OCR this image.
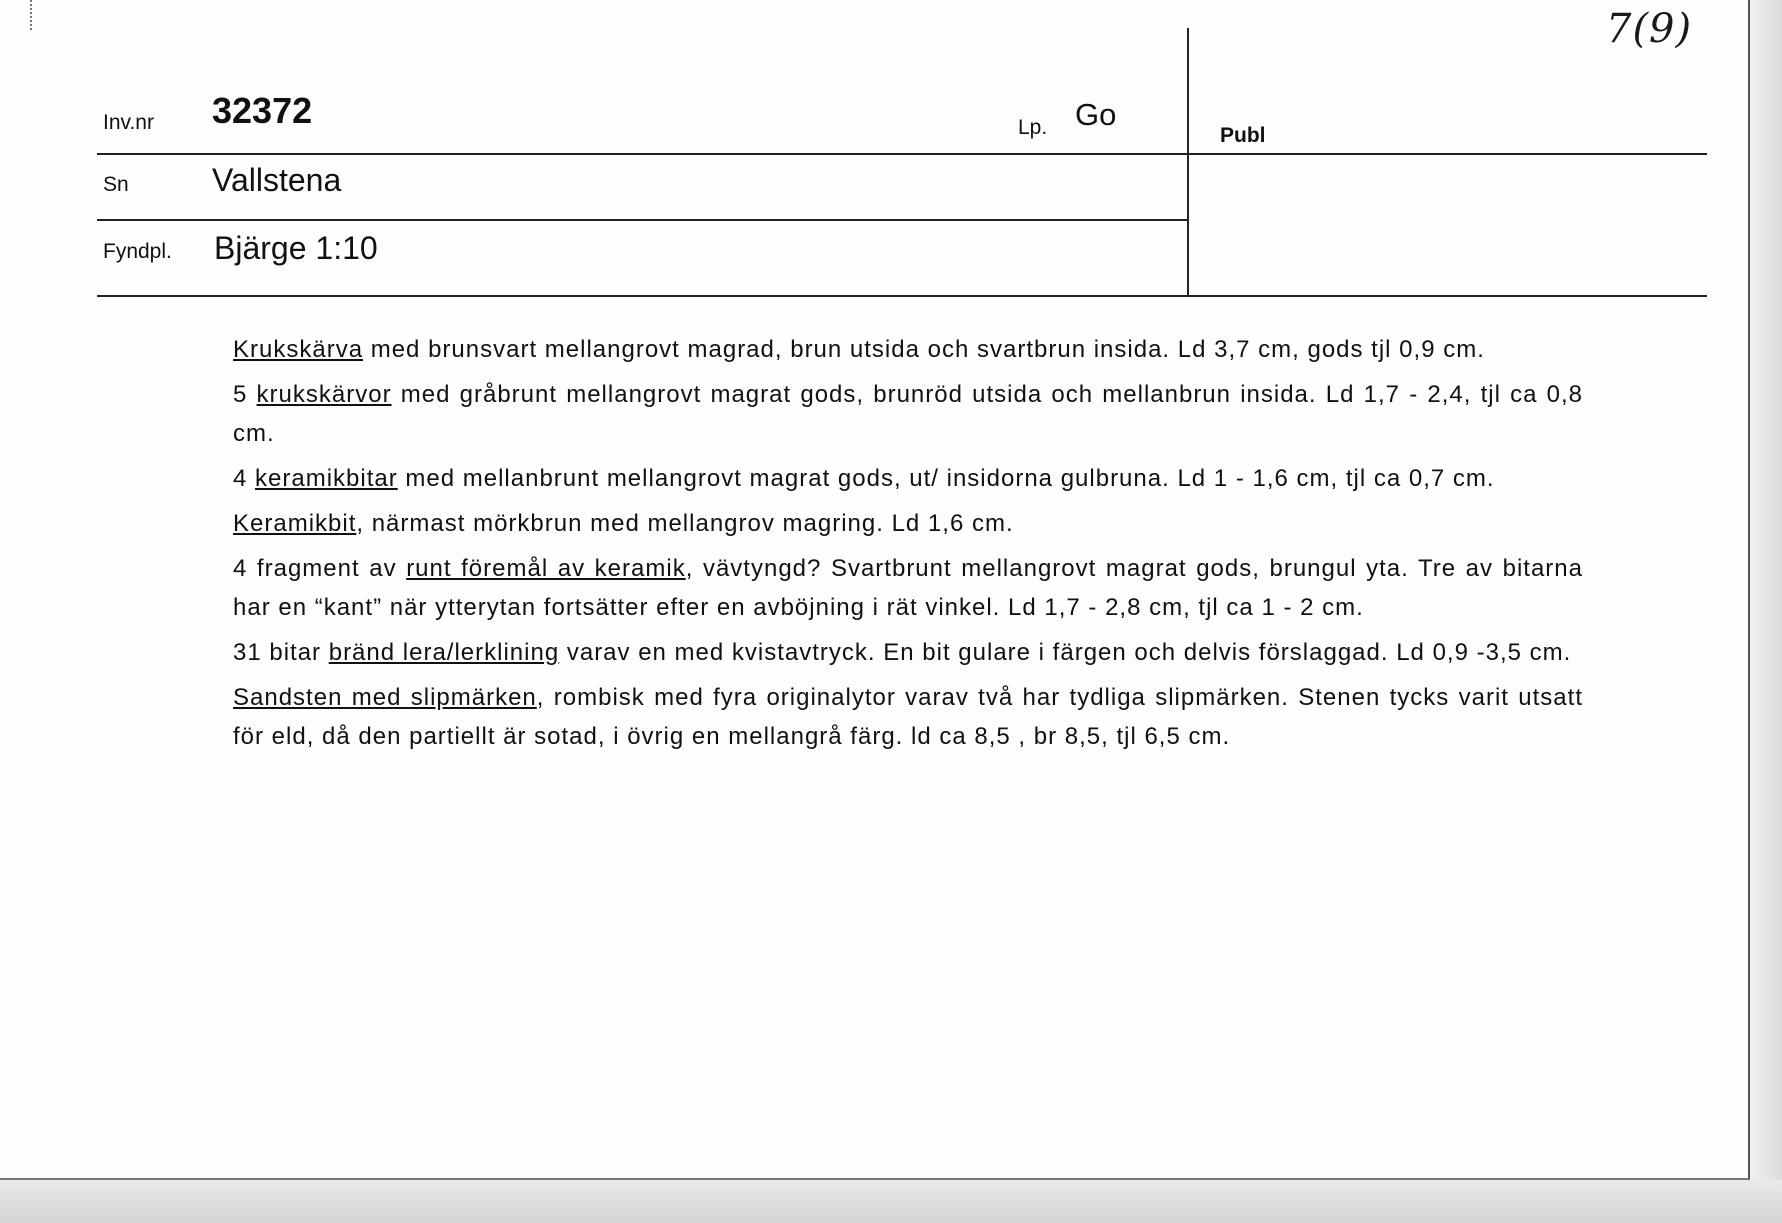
7(9)
Inv.nr 32372	Lp. Go
Publ
Sn	Vallstena
Fyndpl. Bjärge 1:10

Krukskärva med brunsvart mellangrovt magrad, brun utsida och svartbrun insida. Ld 3,7 cm, gods tjl 0,9 cm.

5 krukskärvor med gråbrunt mellangrovt magrat gods, brunröd utsida och mellanbrun insida. Ld 1,7 - 2,4, tjl ca 0,8 cm.

4 keramikbitar med mellanbrunt mellangrovt magrat gods, ut/ insidorna gulbruna. Ld 1 - 1,6 cm, tjl ca 0,7 cm.

Keramikbit, närmast mörkbrun med mellangrov magring. Ld 1,6 cm.

4 fragment av runt föremål av keramik, vävtyngd? Svartbrunt mellangrovt magrat gods, brungul yta. Tre av bitarna har en “kant” när ytterytan fortsätter efter en avböjning i rät vinkel. Ld 1,7 - 2,8 cm, tjl ca 1 - 2 cm.

31 bitar bränd lera/lerklining varav en med kvistavtryck. En bit gulare i färgen och delvis förslaggad. Ld 0,9 -3,5 cm.

Sandsten med slipmärken, rombisk med fyra originalytor varav två har tydliga slipmärken. Stenen tycks varit utsatt för eld, då den partiellt är sotad, i övrig en mellangrå färg. ld ca 8,5 , br 8,5, tjl 6,5 cm.
